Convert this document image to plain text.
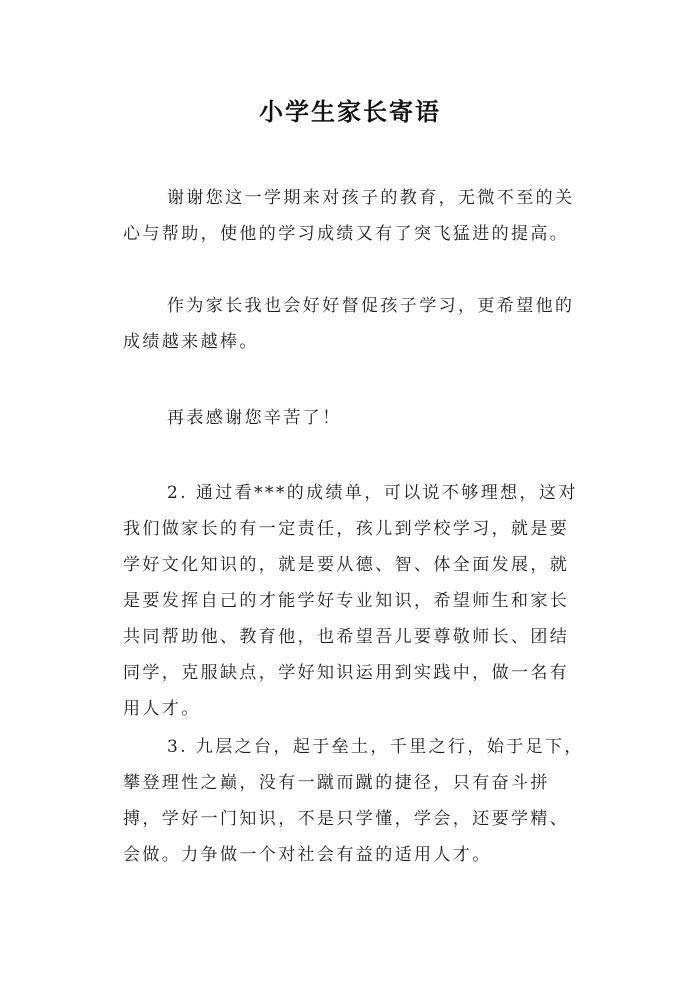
小学生家长寄语

谢谢您这一学期来对孩子的教育，无微不至的关心与帮助，使他的学习成绩又有了突飞猛进的提高。

作为家长我也会好好督促孩子学习，更希望他的成绩越来越棒。

再表感谢您辛苦了！

2. 通过看***的成绩单，可以说不够理想，这对我们做家长的有一定责任，孩儿到学校学习，就是要学好文化知识的，就是要从德、智、体全面发展，就是要发挥自己的才能学好专业知识，希望师生和家长共同帮助他、教育他，也希望吾儿要尊敬师长、团结同学，克服缺点，学好知识运用到实践中，做一名有用人才。

3. 九层之台，起于垒土，千里之行，始于足下，攀登理性之巅，没有一蹴而蹴的捷径，只有奋斗拼搏，学好一门知识，不是只学懂，学会，还要学精、会做。力争做一个对社会有益的适用人才。
